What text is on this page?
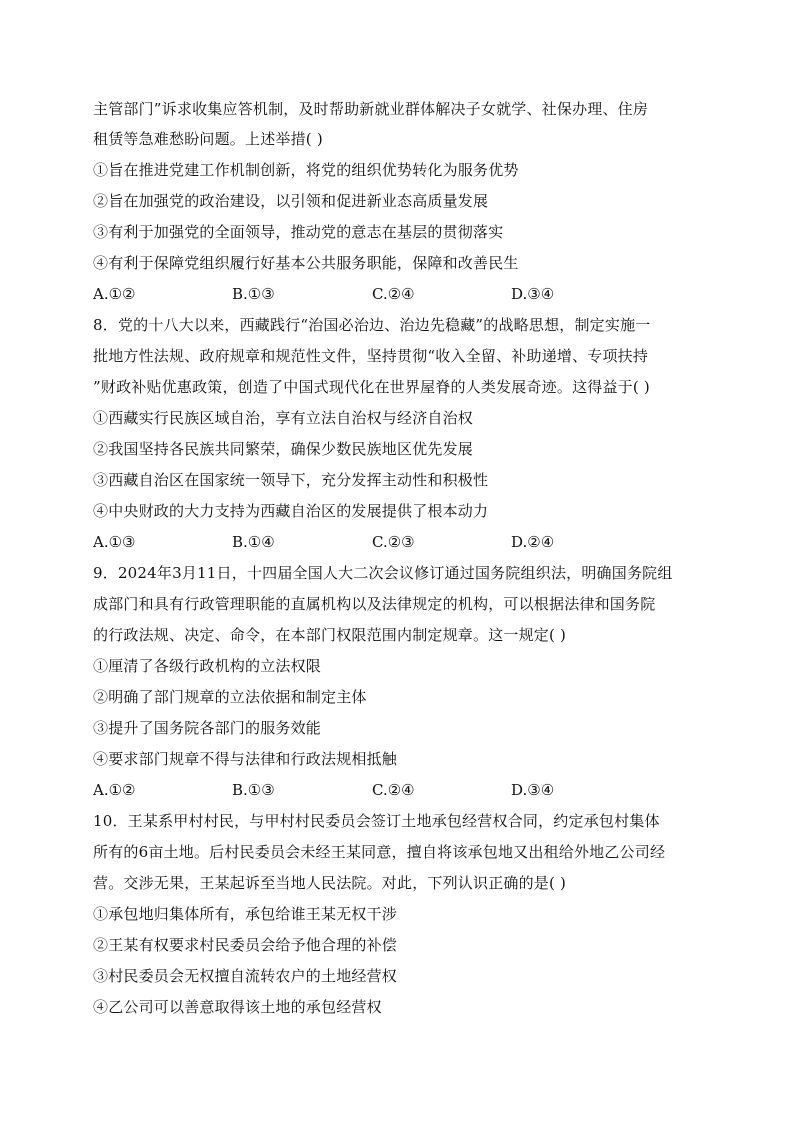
主管部门”诉求收集应答机制，及时帮助新就业群体解决子女就学、社保办理、住房
租赁等急难愁盼问题。上述举措( )
①旨在推进党建工作机制创新，将党的组织优势转化为服务优势
②旨在加强党的政治建设，以引领和促进新业态高质量发展
③有利于加强党的全面领导，推动党的意志在基层的贯彻落实
④有利于保障党组织履行好基本公共服务职能，保障和改善民生
A.①②	B.①③	C.②④	D.③④
8．党的十八大以来，西藏践行“治国必治边、治边先稳藏”的战略思想，制定实施一
批地方性法规、政府规章和规范性文件，坚持贯彻“收入全留、补助递增、专项扶持
”财政补贴优惠政策，创造了中国式现代化在世界屋脊的人类发展奇迹。这得益于( )
①西藏实行民族区域自治，享有立法自治权与经济自治权
②我国坚持各民族共同繁荣，确保少数民族地区优先发展
③西藏自治区在国家统一领导下，充分发挥主动性和积极性
④中央财政的大力支持为西藏自治区的发展提供了根本动力
A.①③	B.①④	C.②③	D.②④
9．2024年3月11日，十四届全国人大二次会议修订通过国务院组织法，明确国务院组
成部门和具有行政管理职能的直属机构以及法律规定的机构，可以根据法律和国务院
的行政法规、决定、命令，在本部门权限范围内制定规章。这一规定( )
①厘清了各级行政机构的立法权限
②明确了部门规章的立法依据和制定主体
③提升了国务院各部门的服务效能
④要求部门规章不得与法律和行政法规相抵触
A.①②	B.①③	C.②④	D.③④
10．王某系甲村村民，与甲村村民委员会签订土地承包经营权合同，约定承包村集体
所有的6亩土地。后村民委员会未经王某同意，擅自将该承包地又出租给外地乙公司经
营。交涉无果，王某起诉至当地人民法院。对此，下列认识正确的是( )
①承包地归集体所有，承包给谁王某无权干涉
②王某有权要求村民委员会给予他合理的补偿
③村民委员会无权擅自流转农户的土地经营权
④乙公司可以善意取得该土地的承包经营权
